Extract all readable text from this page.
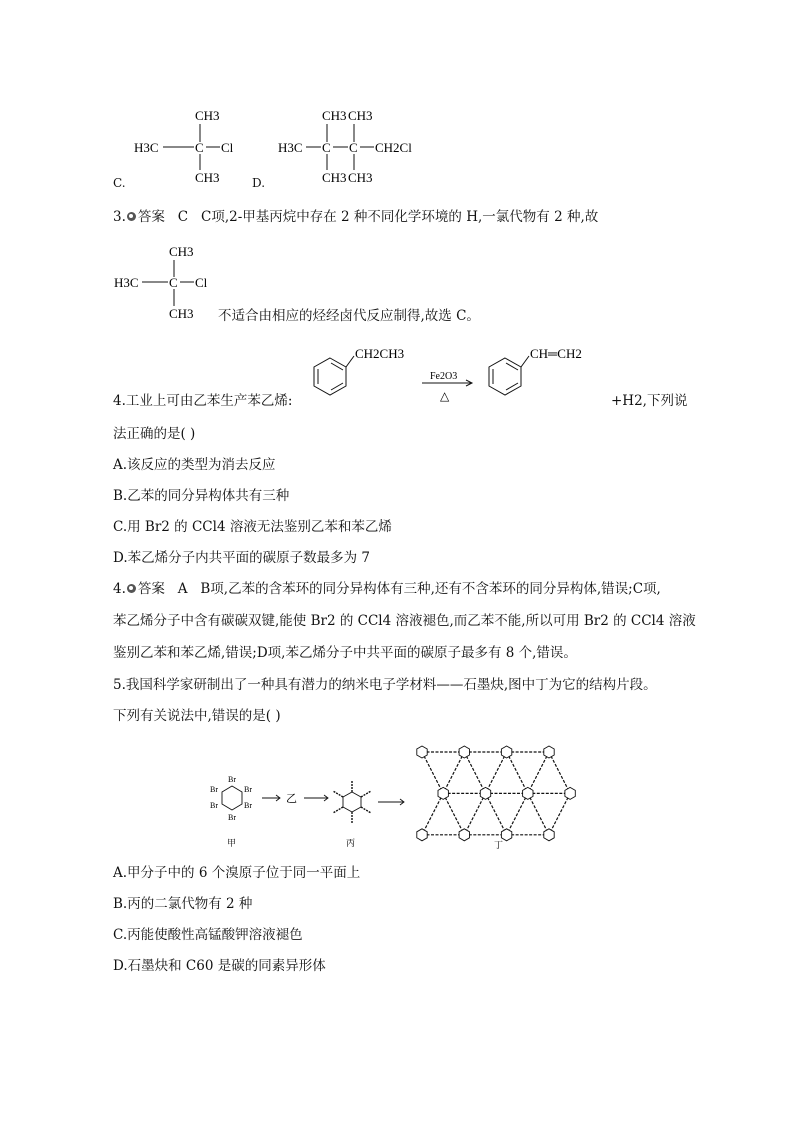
CH3
H3C	C Cl
CH3
C.
CH3 CH3
H3C C C CH2Cl
CH3 CH3
D.
3. 答案 C C项,2-甲基丙烷中存在 2 种不同化学环境的 H,一氯代物有 2 种,故
CH3
H3C C Cl
CH3 不适合由相应的烃经卤代反应制得,故选 C。
CH2CH3
Fe2O3
△
CH═CH2
4.工业上可由乙苯生产苯乙烯:	+H2,下列说
法正确的是( )
A.该反应的类型为消去反应
B.乙苯的同分异构体共有三种
C.用 Br2 的 CCl4 溶液无法鉴别乙苯和苯乙烯
D.苯乙烯分子内共平面的碳原子数最多为 7
4. 答案 A B项,乙苯的含苯环的同分异构体有三种,还有不含苯环的同分异构体,错误;C项,
苯乙烯分子中含有碳碳双键,能使 Br2 的 CCl4 溶液褪色,而乙苯不能,所以可用 Br2 的 CCl4 溶液
鉴别乙苯和苯乙烯,错误;D项,苯乙烯分子中共平面的碳原子最多有 8 个,错误。
5.我国科学家研制出了一种具有潜力的纳米电子学材料——石墨炔,图中丁为它的结构片段。
下列有关说法中,错误的是( )
Br
Br
Br
Br
Br
Br
甲
乙
丙	丁
A.甲分子中的 6 个溴原子位于同一平面上
B.丙的二氯代物有 2 种
C.丙能使酸性高锰酸钾溶液褪色
D.石墨炔和 C60 是碳的同素异形体
